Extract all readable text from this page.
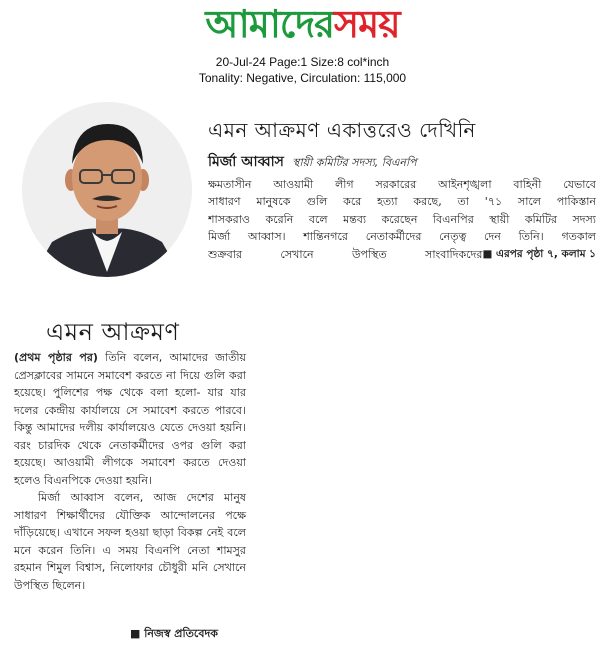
আমাদেরসময়
20-Jul-24 Page:1 Size:8 col*inch
Tonality: Negative, Circulation: 115,000
এমন আক্রমণ একাত্তরেও দেখিনি
মির্জা আব্বাস স্থায়ী কমিটির সদস্য, বিএনপি
ক্ষমতাসীন আওয়ামী লীগ সরকারের আইনশৃঙ্খলা বাহিনী যেভাবে
সাধারণ মানুষকে গুলি করে হত্যা করছে, তা '৭১ সালে পাকিস্তান
শাসকরাও করেনি বলে মন্তব্য করেছেন বিএনপির স্থায়ী কমিটির সদস্য
মির্জা আব্বাস। শান্তিনগরে নেতাকর্মীদের নেতৃত্ব দেন তিনি। গতকাল
শুক্রবার সেখানে উপস্থিত সাংবাদিকদের ■ এরপর পৃষ্ঠা ৭, কলাম ১
এমন আক্রমণ

(প্রথম পৃষ্ঠার পর) তিনি বলেন, আমাদের জাতীয় প্রেসক্লাবের সামনে সমাবেশ করতে না দিয়ে গুলি করা হয়েছে। পুলিশের পক্ষ থেকে বলা হলো- যার যার দলের কেন্দ্রীয় কার্যালয়ে সে সমাবেশ করতে পারবে। কিন্তু আমাদের দলীয় কার্যালয়েও যেতে দেওয়া হয়নি। বরং চারদিক থেকে নেতাকর্মীদের ওপর গুলি করা হয়েছে। আওয়ামী লীগকে সমাবেশ করতে দেওয়া হলেও বিএনপিকে দেওয়া হয়নি।

মির্জা আব্বাস বলেন, আজ দেশের মানুষ সাধারণ শিক্ষার্থীদের যৌক্তিক আন্দোলনের পক্ষে দাঁড়িয়েছে। এখানে সফল হওয়া ছাড়া বিকল্প নেই বলে মনে করেন তিনি। এ সময় বিএনপি নেতা শামসুর রহমান শিমুল বিশ্বাস, নিলোফার চৌধুরী মনি সেখানে উপস্থিত ছিলেন।

■ নিজস্ব প্রতিবেদক
